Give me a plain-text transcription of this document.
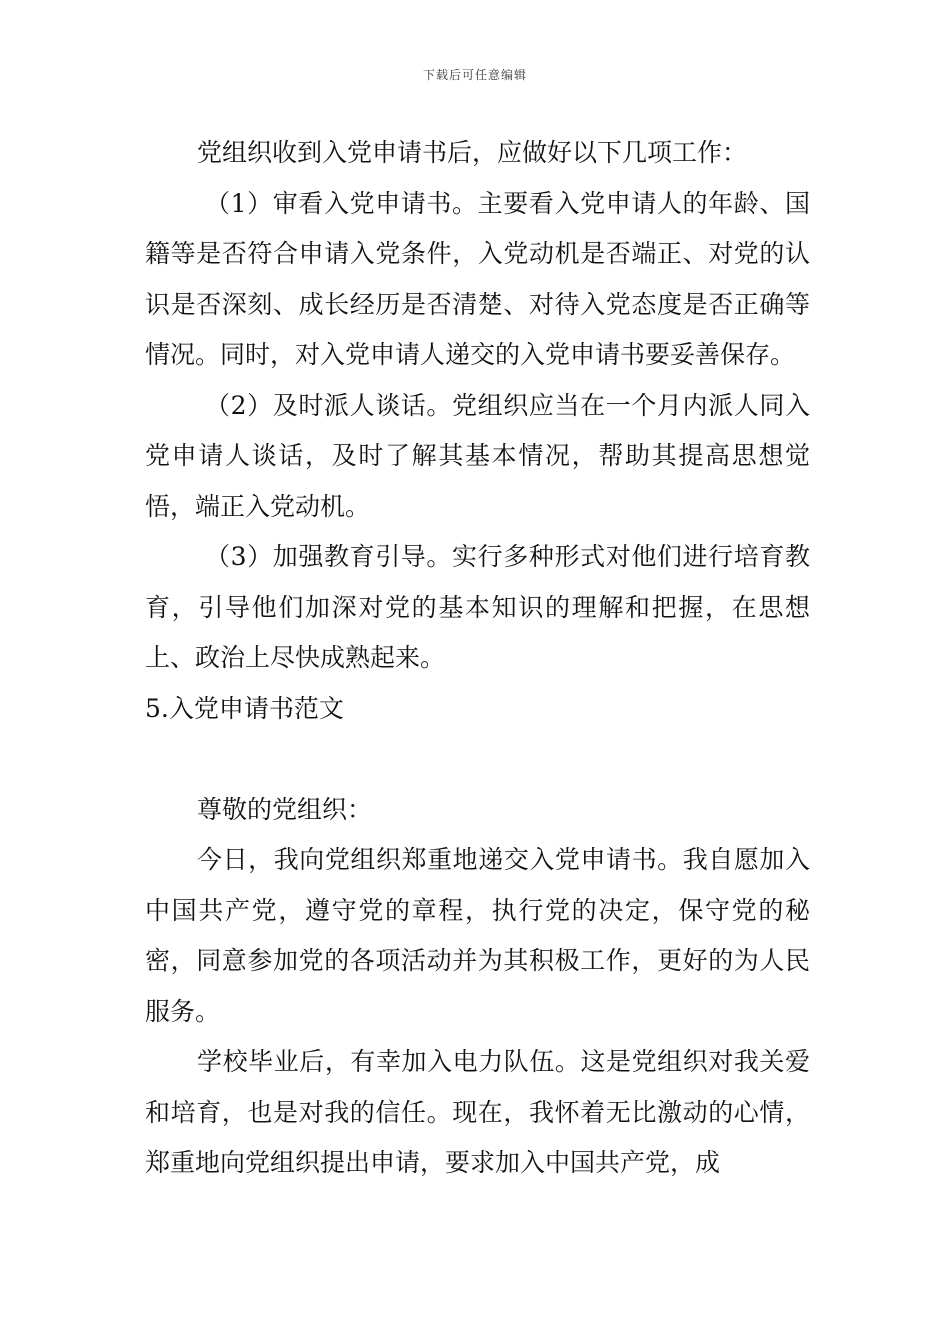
下载后可任意编辑

党组织收到入党申请书后，应做好以下几项工作：

（1）审看入党申请书。主要看入党申请人的年龄、国籍等是否符合申请入党条件，入党动机是否端正、对党的认识是否深刻、成长经历是否清楚、对待入党态度是否正确等情况。同时，对入党申请人递交的入党申请书要妥善保存。

（2）及时派人谈话。党组织应当在一个月内派人同入党申请人谈话，及时了解其基本情况，帮助其提高思想觉悟，端正入党动机。

（3）加强教育引导。实行多种形式对他们进行培育教育，引导他们加深对党的基本知识的理解和把握，在思想上、政治上尽快成熟起来。

5.入党申请书范文

尊敬的党组织：

今日，我向党组织郑重地递交入党申请书。我自愿加入中国共产党，遵守党的章程，执行党的决定，保守党的秘密，同意参加党的各项活动并为其积极工作，更好的为人民服务。

学校毕业后，有幸加入电力队伍。这是党组织对我关爱和培育，也是对我的信任。现在，我怀着无比激动的心情，郑重地向党组织提出申请，要求加入中国共产党，成
